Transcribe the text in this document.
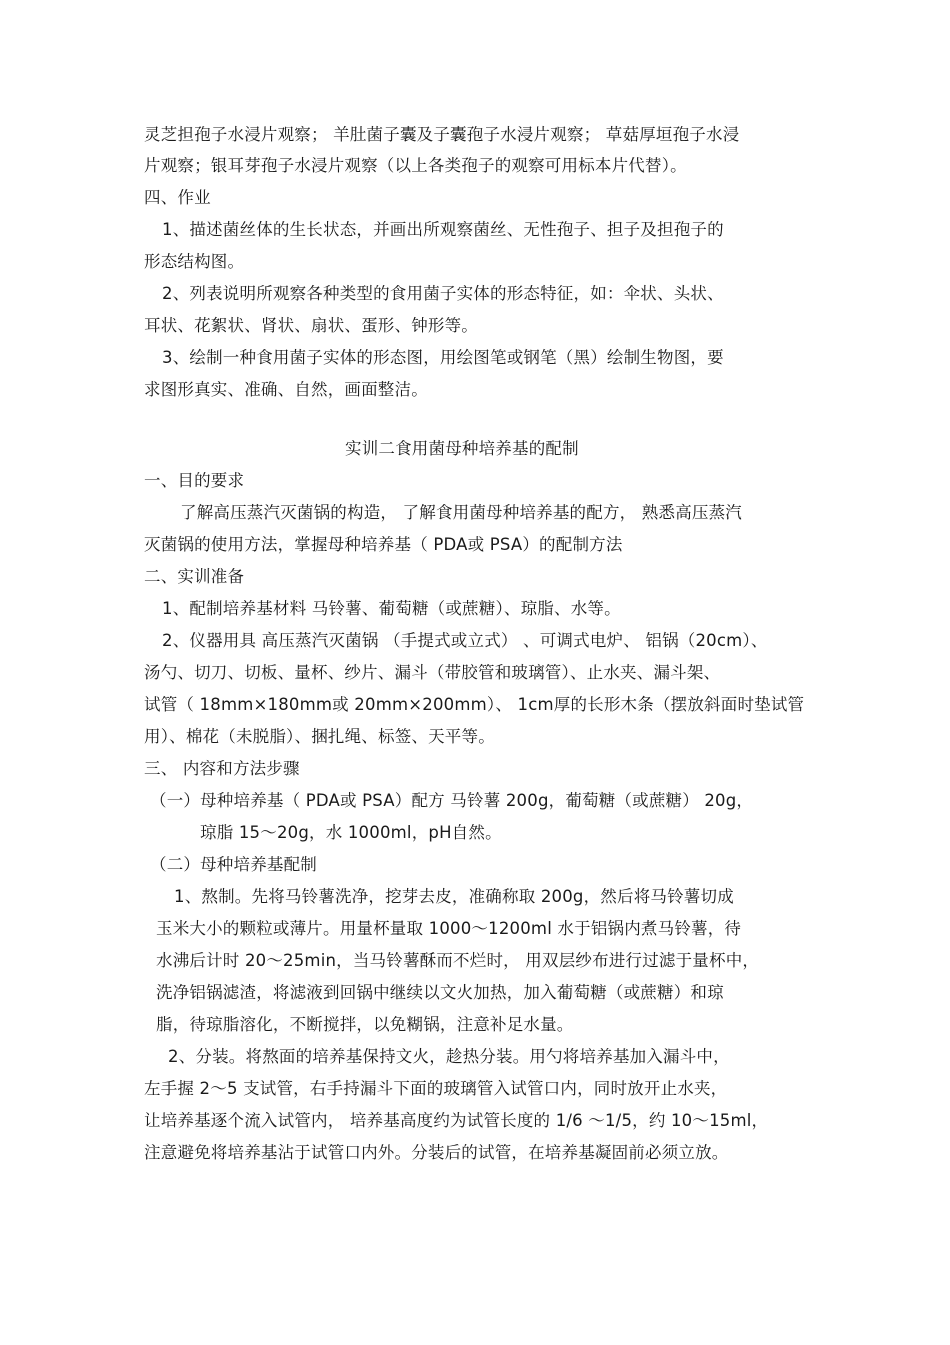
灵芝担孢子水浸片观察； 羊肚菌子囊及子囊孢子水浸片观察； 草菇厚垣孢子水浸
片观察；银耳芽孢子水浸片观察（以上各类孢子的观察可用标本片代替）。
四、作业
1、描述菌丝体的生长状态，并画出所观察菌丝、无性孢子、担子及担孢子的
形态结构图。
2、列表说明所观察各种类型的食用菌子实体的形态特征，如：伞状、头状、
耳状、花絮状、肾状、扇状、蛋形、钟形等。
3、绘制一种食用菌子实体的形态图，用绘图笔或钢笔（黑）绘制生物图，要
求图形真实、准确、自然，画面整洁。
实训二食用菌母种培养基的配制
一、目的要求
了解高压蒸汽灭菌锅的构造， 了解食用菌母种培养基的配方， 熟悉高压蒸汽
灭菌锅的使用方法，掌握母种培养基（ PDA或 PSA）的配制方法
二、实训准备
1、配制培养基材料 马铃薯、葡萄糖（或蔗糖）、琼脂、水等。
2、仪器用具 高压蒸汽灭菌锅 （手提式或立式） 、可调式电炉、 铝锅（20cm）、
汤勺、切刀、切板、量杯、纱片、漏斗（带胶管和玻璃管）、止水夹、漏斗架、
试管（ 18mm×180mm或 20mm×200mm）、 1cm厚的长形木条（摆放斜面时垫试管
用）、棉花（未脱脂）、捆扎绳、标签、天平等。
三、 内容和方法步骤
（一）母种培养基（ PDA或 PSA）配方 马铃薯 200g，葡萄糖（或蔗糖） 20g，
琼脂 15～20g，水 1000ml，pH自然。
（二）母种培养基配制
1、熬制。先将马铃薯洗净，挖芽去皮，准确称取 200g，然后将马铃薯切成
玉米大小的颗粒或薄片。用量杯量取 1000～1200ml 水于铝锅内煮马铃薯，待
水沸后计时 20～25min，当马铃薯酥而不烂时， 用双层纱布进行过滤于量杯中，
洗净铝锅滤渣，将滤液到回锅中继续以文火加热，加入葡萄糖（或蔗糖）和琼
脂，待琼脂溶化，不断搅拌，以免糊锅，注意补足水量。
2、分装。将熬面的培养基保持文火，趁热分装。用勺将培养基加入漏斗中，
左手握 2～5 支试管，右手持漏斗下面的玻璃管入试管口内，同时放开止水夹，
让培养基逐个流入试管内， 培养基高度约为试管长度的 1/6 ～1/5，约 10～15ml，
注意避免将培养基沾于试管口内外。分装后的试管，在培养基凝固前必须立放。
